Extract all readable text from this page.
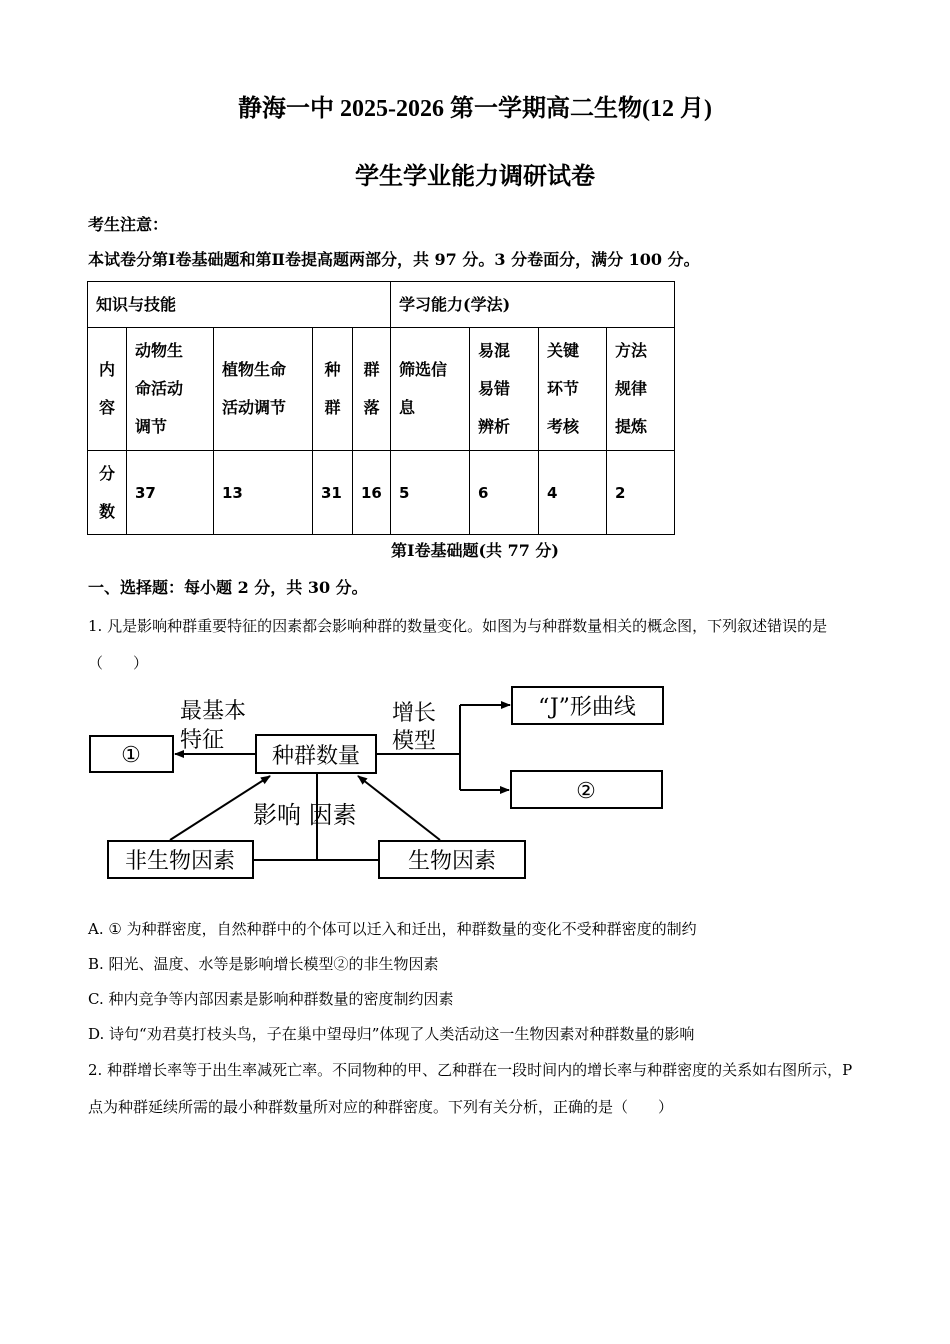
静海一中 2025-2026 第一学期高二生物(12 月)
学生学业能力调研试卷
考生注意：
本试卷分第Ⅰ卷基础题和第Ⅱ卷提高题两部分，共 97 分。3 分卷面分，满分 100 分。
知识与技能					学习能力(学法)			

内
容	动物生
命活动
调节	植物生命
活动调节	种
群	群
落	筛选信
息	易混
易错
辨析	关键
环节
考核	方法
规律
提炼

分
数	37	13	31	16	5	6	4	2
第Ⅰ卷基础题(共 77 分)
一、选择题：每小题 2 分，共 30 分。
1. 凡是影响种群重要特征的因素都会影响种群的数量变化。如图为与种群数量相关的概念图，下列叙述错误的是（　　）
①	种群数量
“J”形曲线
②
非生物因素	生物因素
最基本
特征
增长
模型
影响 因素
A. ① 为种群密度，自然种群中的个体可以迁入和迁出，种群数量的变化不受种群密度的制约
B. 阳光、温度、水等是影响增长模型②的非生物因素
C. 种内竞争等内部因素是影响种群数量的密度制约因素
D. 诗句“劝君莫打枝头鸟，子在巢中望母归”体现了人类活动这一生物因素对种群数量的影响
2. 种群增长率等于出生率减死亡率。不同物种的甲、乙种群在一段时间内的增长率与种群密度的关系如右图所示，P 点为种群延续所需的最小种群数量所对应的种群密度。下列有关分析，正确的是（　　）
